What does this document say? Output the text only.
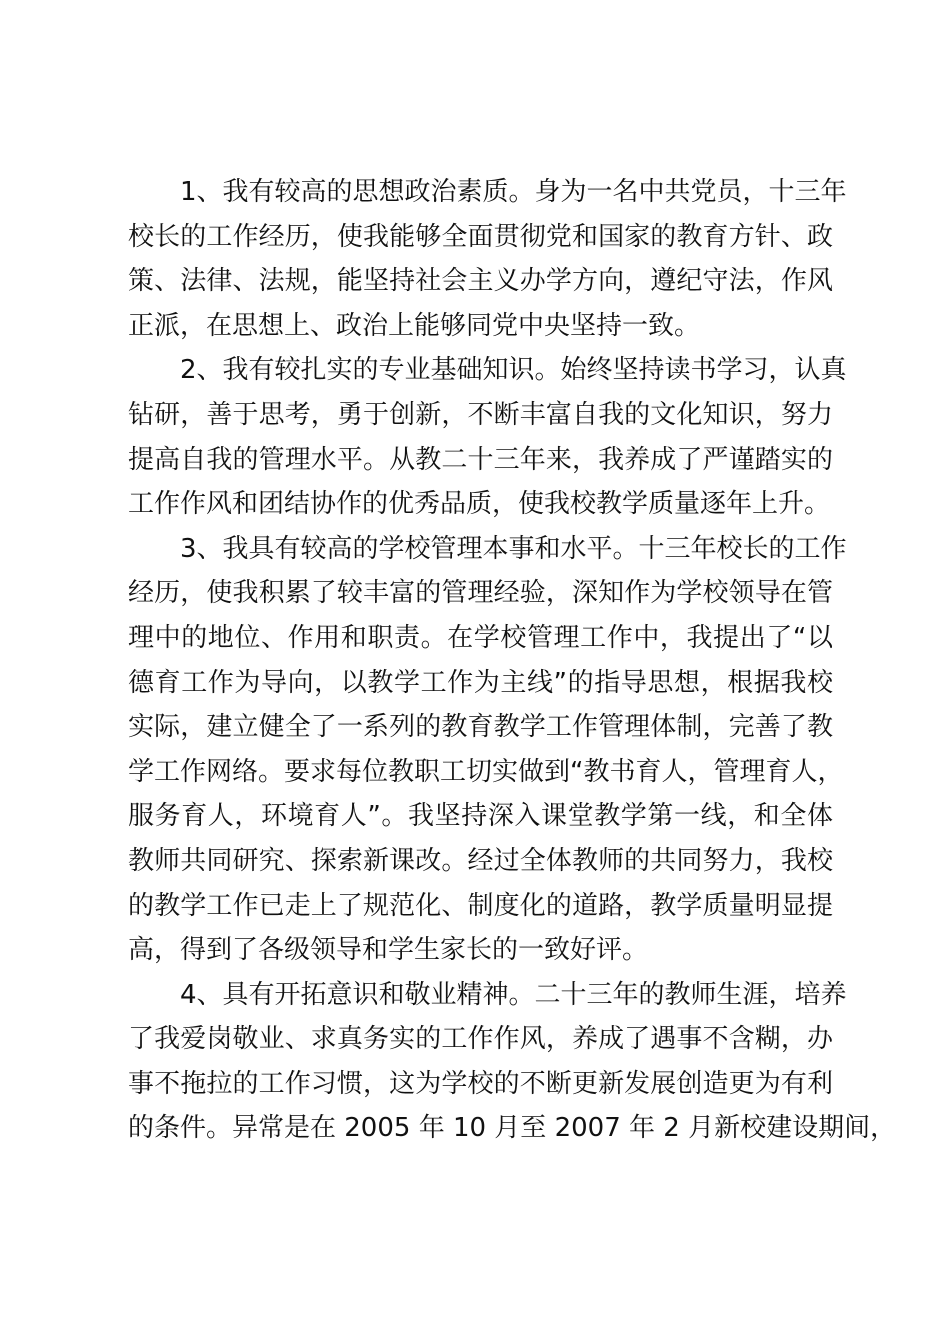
1、我有较高的思想政治素质。身为一名中共党员，十三年
校长的工作经历，使我能够全面贯彻党和国家的教育方针、政
策、法律、法规，能坚持社会主义办学方向，遵纪守法，作风
正派，在思想上、政治上能够同党中央坚持一致。
2、我有较扎实的专业基础知识。始终坚持读书学习，认真
钻研，善于思考，勇于创新，不断丰富自我的文化知识，努力
提高自我的管理水平。从教二十三年来，我养成了严谨踏实的
工作作风和团结协作的优秀品质，使我校教学质量逐年上升。
3、我具有较高的学校管理本事和水平。十三年校长的工作
经历，使我积累了较丰富的管理经验，深知作为学校领导在管
理中的地位、作用和职责。在学校管理工作中，我提出了“以
德育工作为导向，以教学工作为主线”的指导思想，根据我校
实际，建立健全了一系列的教育教学工作管理体制，完善了教
学工作网络。要求每位教职工切实做到“教书育人，管理育人，
服务育人，环境育人”。我坚持深入课堂教学第一线，和全体
教师共同研究、探索新课改。经过全体教师的共同努力，我校
的教学工作已走上了规范化、制度化的道路，教学质量明显提
高，得到了各级领导和学生家长的一致好评。
4、具有开拓意识和敬业精神。二十三年的教师生涯，培养
了我爱岗敬业、求真务实的工作作风，养成了遇事不含糊，办
事不拖拉的工作习惯，这为学校的不断更新发展创造更为有利
的条件。异常是在 2005 年 10 月至 2007 年 2 月新校建设期间，
